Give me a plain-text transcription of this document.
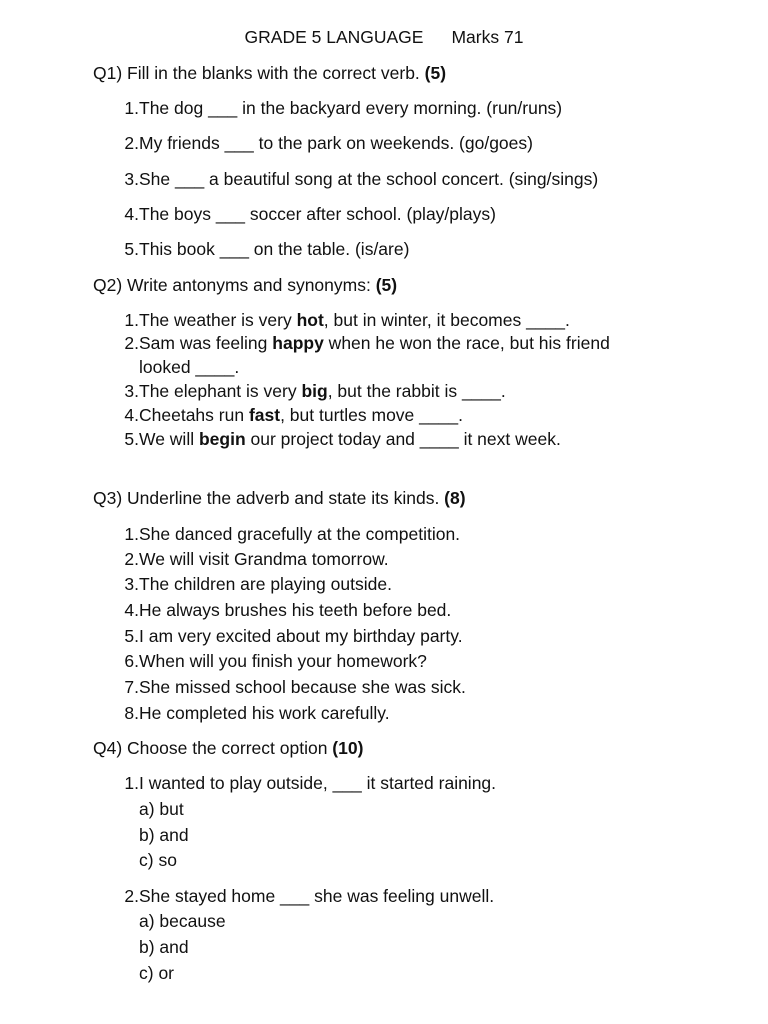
GRADE 5 LANGUAGE Marks 71
Q1) Fill in the blanks with the correct verb. (5)
1. The dog ___ in the backyard every morning. (run/runs)
2. My friends ___ to the park on weekends. (go/goes)
3. She ___ a beautiful song at the school concert. (sing/sings)
4. The boys ___ soccer after school. (play/plays)
5. This book ___ on the table. (is/are)
Q2) Write antonyms and synonyms: (5)
1. The weather is very hot, but in winter, it becomes ____.
2. Sam was feeling happy when he won the race, but his friend looked ____.
3. The elephant is very big, but the rabbit is ____.
4. Cheetahs run fast, but turtles move ____.
5. We will begin our project today and ____ it next week.
Q3) Underline the adverb and state its kinds. (8)
1. She danced gracefully at the competition.
2. We will visit Grandma tomorrow.
3. The children are playing outside.
4. He always brushes his teeth before bed.
5. I am very excited about my birthday party.
6. When will you finish your homework?
7. She missed school because she was sick.
8. He completed his work carefully.
Q4) Choose the correct option (10)
1. I wanted to play outside, ___ it started raining.
a) but
b) and
c) so
2. She stayed home ___ she was feeling unwell.
a) because
b) and
c) or
